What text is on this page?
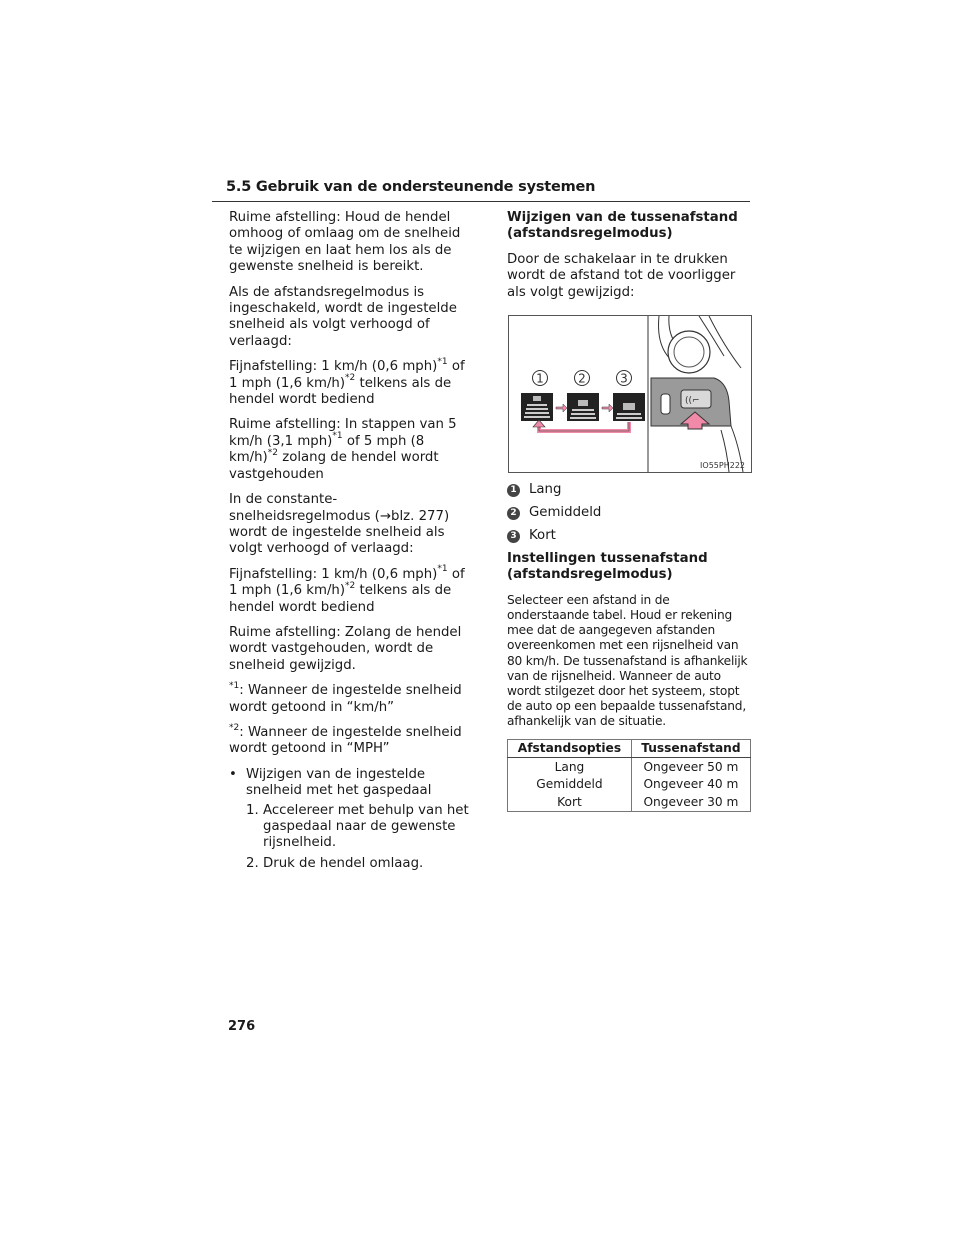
5.5 Gebruik van de ondersteunende systemen

Ruime afstelling: Houd de hendel omhoog of omlaag om de snelheid te wijzigen en laat hem los als de gewenste snelheid is bereikt.

Als de afstandsregelmodus is ingeschakeld, wordt de ingestelde snelheid als volgt verhoogd of verlaagd:

Fijnafstelling: 1 km/h (0,6 mph)$^{*1}$ of 1 mph (1,6 km/h)$^{*2}$ telkens als de hendel wordt bediend

Ruime afstelling: In stappen van 5 km/h (3,1 mph)$^{*1}$ of 5 mph (8 km/h)$^{*2}$ zolang de hendel wordt vastgehouden

In de constante-snelheidsregelmodus (→blz. 277) wordt de ingestelde snelheid als volgt verhoogd of verlaagd:

Fijnafstelling: 1 km/h (0,6 mph)$^{*1}$ of 1 mph (1,6 km/h)$^{*2}$ telkens als de hendel wordt bediend

Ruime afstelling: Zolang de hendel wordt vastgehouden, wordt de snelheid gewijzigd.

$^{*1}$: Wanneer de ingestelde snelheid wordt getoond in “km/h”

$^{*2}$: Wanneer de ingestelde snelheid wordt getoond in “MPH”

• Wijzigen van de ingestelde snelheid met het gaspedaal
1. Accelereer met behulp van het gaspedaal naar de gewenste rijsnelheid.
2. Druk de hendel omlaag.
Wijzigen van de tussenafstand (afstandsregelmodus)

Door de schakelaar in te drukken wordt de afstand tot de voorligger als volgt gewijzigd:

((⌐
1	2	3
IO55PH222
1 Lang
2 Gemiddeld
3 Kort
Instellingen tussenafstand (afstandsregelmodus)

Selecteer een afstand in de onderstaande tabel. Houd er rekening mee dat de aangegeven afstanden overeenkomen met een rijsnelheid van 80 km/h. De tussenafstand is afhankelijk van de rijsnelheid. Wanneer de auto wordt stilgezet door het systeem, stopt de auto op een bepaalde tussenafstand, afhankelijk van de situatie.

Afstandsopties	Tussenafstand
Lang	Ongeveer 50 m
Gemiddeld	Ongeveer 40 m
Kort	Ongeveer 30 m
276
